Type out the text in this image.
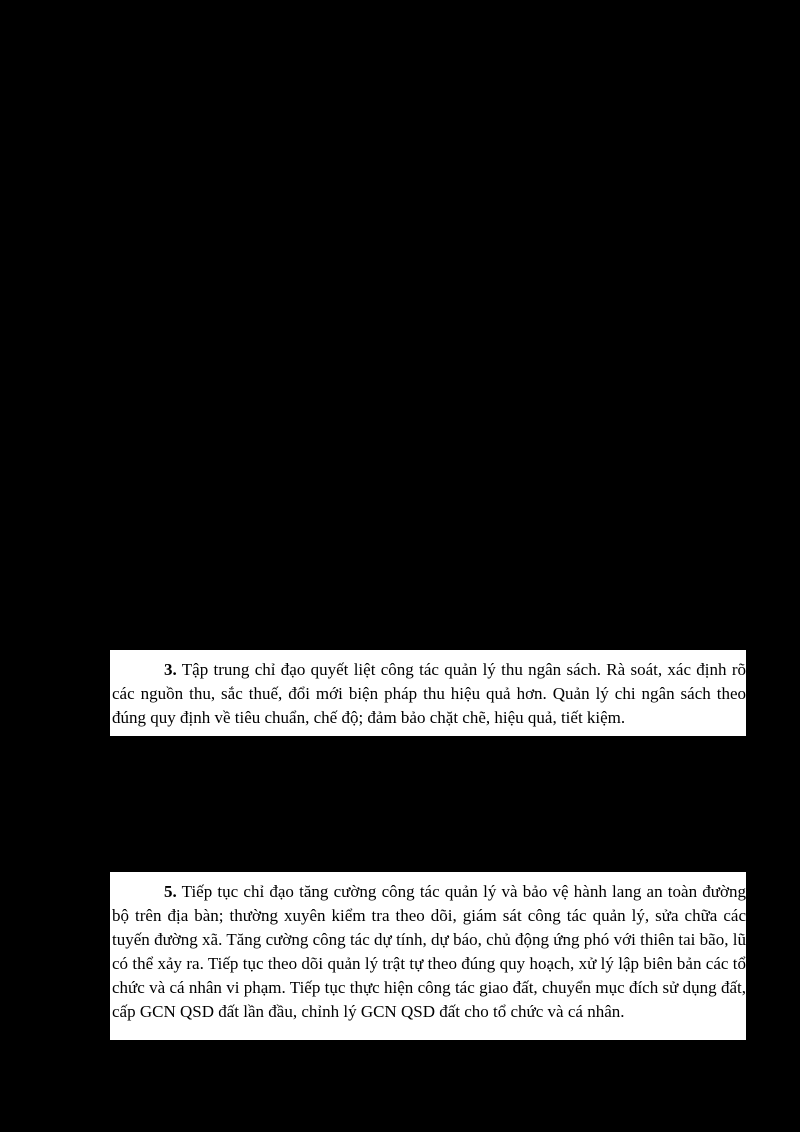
3. Tập trung chỉ đạo quyết liệt công tác quản lý thu ngân sách. Rà soát, xác định rõ các nguồn thu, sắc thuế, đổi mới biện pháp thu hiệu quả hơn. Quản lý chi ngân sách theo đúng quy định về tiêu chuẩn, chế độ; đảm bảo chặt chẽ, hiệu quả, tiết kiệm.

5. Tiếp tục chỉ đạo tăng cường công tác quản lý và bảo vệ hành lang an toàn đường bộ trên địa bàn; thường xuyên kiểm tra theo dõi, giám sát công tác quản lý, sửa chữa các tuyến đường xã. Tăng cường công tác dự tính, dự báo, chủ động ứng phó với thiên tai bão, lũ có thể xảy ra. Tiếp tục theo dõi quản lý trật tự theo đúng quy hoạch, xử lý lập biên bản các tổ chức và cá nhân vi phạm. Tiếp tục thực hiện công tác giao đất, chuyển mục đích sử dụng đất, cấp GCN QSD đất lần đầu, chỉnh lý GCN QSD đất cho tổ chức và cá nhân.
